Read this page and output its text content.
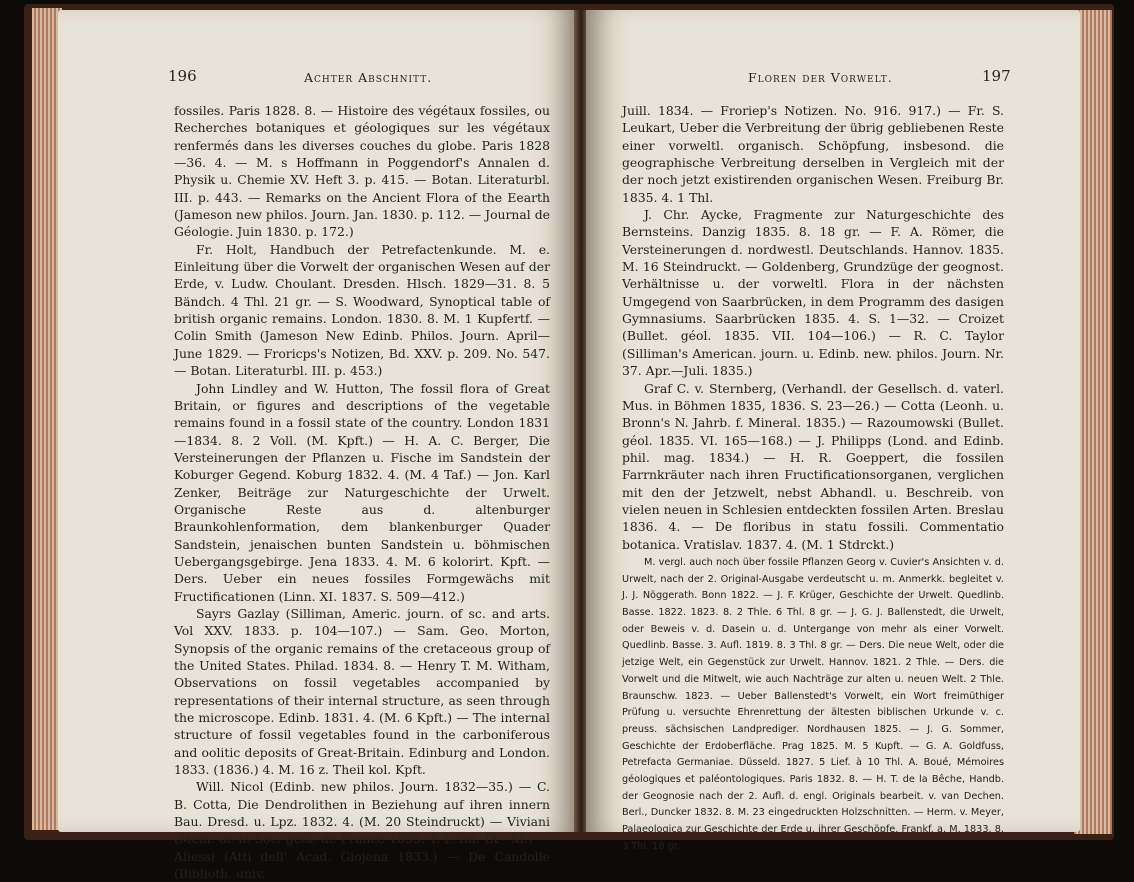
196	Achter Abschnitt.

fossiles. Paris 1828. 8. — Histoire des végétaux fossiles, ou Recherches botaniques et géologiques sur les végétaux renfermés dans les diverses couches du globe. Paris 1828—36. 4. — M. s Hoffmann in Poggendorf's Annalen d. Physik u. Chemie XV. Heft 3. p. 415. — Botan. Literaturbl. III. p. 443. — Remarks on the Ancient Flora of the Eearth (Jameson new philos. Journ. Jan. 1830. p. 112. — Journal de Géologie. Juin 1830. p. 172.)

Fr. Holt, Handbuch der Petrefactenkunde. M. e. Einleitung über die Vorwelt der organischen Wesen auf der Erde, v. Ludw. Choulant. Dresden. Hlsch. 1829—31. 8. 5 Bändch. 4 Thl. 21 gr. — S. Woodward, Synoptical table of british organic remains. London. 1830. 8. M. 1 Kupfertf. — Colin Smith (Jameson New Edinb. Philos. Journ. April—June 1829. — Froricps's Notizen, Bd. XXV. p. 209. No. 547. — Botan. Literaturbl. III. p. 453.)

John Lindley and W. Hutton, The fossil flora of Great Britain, or figures and descriptions of the vegetable remains found in a fossil state of the country. London 1831—1834. 8. 2 Voll. (M. Kpft.) — H. A. C. Berger, Die Versteinerungen der Pflanzen u. Fische im Sandstein der Koburger Gegend. Koburg 1832. 4. (M. 4 Taf.) — Jon. Karl Zenker, Beiträge zur Naturgeschichte der Urwelt. Organische Reste aus d. altenburger Braunkohlenformation, dem blankenburger Quader Sandstein, jenaischen bunten Sandstein u. böhmischen Uebergangsgebirge. Jena 1833. 4. M. 6 kolorirt. Kpft. — Ders. Ueber ein neues fossiles Formgewächs mit Fructificationen (Linn. XI. 1837. S. 509—412.)

Sayrs Gazlay (Silliman, Americ. journ. of sc. and arts. Vol XXV. 1833. p. 104—107.) — Sam. Geo. Morton, Synopsis of the organic remains of the cretaceous group of the United States. Philad. 1834. 8. — Henry T. M. Witham, Observations on fossil vegetables accompanied by representations of their internal structure, as seen through the microscope. Edinb. 1831. 4. (M. 6 Kpft.) — The internal structure of fossil vegetables found in the carboniferous and oolitic deposits of Great-Britain. Edinburg and London. 1833. (1836.) 4. M. 16 z. Theil kol. Kpft.

Will. Nicol (Edinb. new philos. Journ. 1832—35.) — C. B. Cotta, Die Dendrolithen in Beziehung auf ihren innern Bau. Dresd. u. Lpz. 1832. 4. (M. 20 Steindruckt) — Viviani (Mém. de la Soc. géol. de France 1833. T. I. Taf. IX—XI.) — Aliessi (Atti dell' Acad. Giojena 1833.) — De Candolle (Biblioth. univ.

Floren der Vorwelt.	197

Juill. 1834. — Froriep's Notizen. No. 916. 917.) — Fr. S. Leukart, Ueber die Verbreitung der übrig gebliebenen Reste einer vorweltl. organisch. Schöpfung, insbesond. die geographische Verbreitung derselben in Vergleich mit der der noch jetzt existirenden organischen Wesen. Freiburg Br. 1835. 4. 1 Thl.

J. Chr. Aycke, Fragmente zur Naturgeschichte des Bernsteins. Danzig 1835. 8. 18 gr. — F. A. Römer, die Versteinerungen d. nordwestl. Deutschlands. Hannov. 1835. M. 16 Steindruckt. — Goldenberg, Grundzüge der geognost. Verhältnisse u. der vorweltl. Flora in der nächsten Umgegend von Saarbrücken, in dem Programm des dasigen Gymnasiums. Saarbrücken 1835. 4. S. 1—32. — Croizet (Bullet. géol. 1835. VII. 104—106.) — R. C. Taylor (Silliman's American. journ. u. Edinb. new. philos. Journ. Nr. 37. Apr.—Juli. 1835.)

Graf C. v. Sternberg, (Verhandl. der Gesellsch. d. vaterl. Mus. in Böhmen 1835, 1836. S. 23—26.) — Cotta (Leonh. u. Bronn's N. Jahrb. f. Mineral. 1835.) — Razoumowski (Bullet. géol. 1835. VI. 165—168.) — J. Philipps (Lond. and Edinb. phil. mag. 1834.) — H. R. Goeppert, die fossilen Farrnkräuter nach ihren Fructificationsorganen, verglichen mit den der Jetzwelt, nebst Abhandl. u. Beschreib. von vielen neuen in Schlesien entdeckten fossilen Arten. Breslau 1836. 4. — De floribus in statu fossili. Commentatio botanica. Vratislav. 1837. 4. (M. 1 Stdrckt.)

M. vergl. auch noch über fossile Pflanzen Georg v. Cuvier's Ansichten v. d. Urwelt, nach der 2. Original-Ausgabe verdeutscht u. m. Anmerkk. begleitet v. J. J. Nöggerath. Bonn 1822. — J. F. Krüger, Geschichte der Urwelt. Quedlinb. Basse. 1822. 1823. 8. 2 Thle. 6 Thl. 8 gr. — J. G. J. Ballenstedt, die Urwelt, oder Beweis v. d. Dasein u. d. Untergange von mehr als einer Vorwelt. Quedlinb. Basse. 3. Aufl. 1819. 8. 3 Thl. 8 gr. — Ders. Die neue Welt, oder die jetzige Welt, ein Gegenstück zur Urwelt. Hannov. 1821. 2 Thle. — Ders. die Vorwelt und die Mitwelt, wie auch Nachträge zur alten u. neuen Welt. 2 Thle. Braunschw. 1823. — Ueber Ballenstedt's Vorwelt, ein Wort freimüthiger Prüfung u. versuchte Ehrenrettung der ältesten biblischen Urkunde v. c. preuss. sächsischen Landprediger. Nordhausen 1825. — J. G. Sommer, Geschichte der Erdoberfläche. Prag 1825. M. 5 Kupft. — G. A. Goldfuss, Petrefacta Germaniae. Düsseld. 1827. 5 Lief. à 10 Thl. A. Boué, Mémoires géologiques et paléontologiques. Paris 1832. 8. — H. T. de la Bêche, Handb. der Geognosie nach der 2. Aufl. d. engl. Originals bearbeit. v. van Dechen. Berl., Duncker 1832. 8. M. 23 eingedruckten Holzschnitten. — Herm. v. Meyer, Palaeologica zur Geschichte der Erde u. ihrer Geschöpfe. Frankf. a. M. 1833. 8. 3 Thl. 18 gr.
